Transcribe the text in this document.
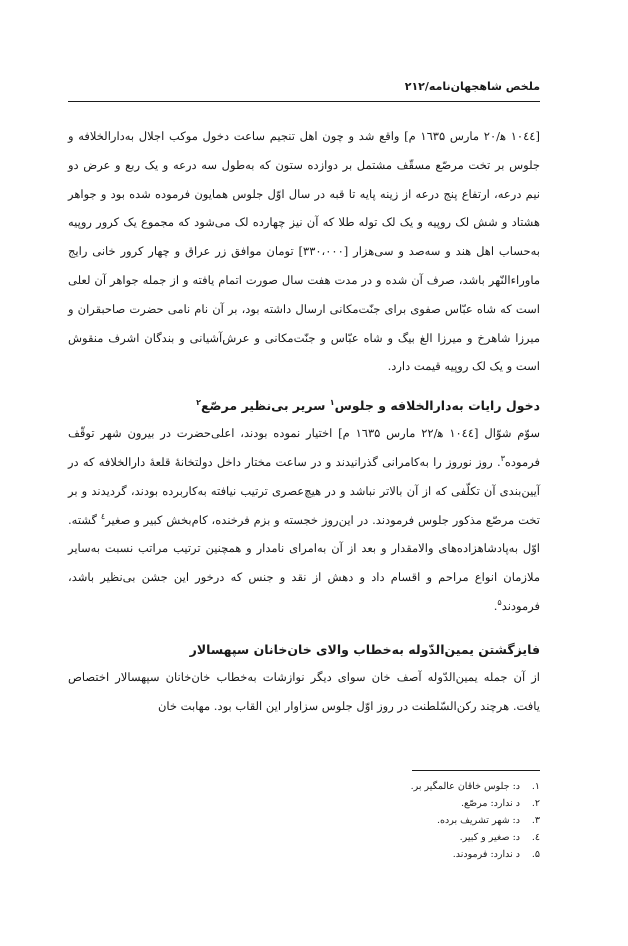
ملخص شاهجهان‌نامه/۲۱۲

[۱۰٤٤ ه‍/۲۰ مارس ۱٦۳۵ م] واقع شد و چون اهل تنجیم ساعت دخول موکب اجلال بەدارالخلافه و جلوس بر تخت مرصّع مسقّف مشتمل بر دوازده ستون که بەطول سه درعه و یک ربع و عرض دو نیم درعه، ارتفاع پنج درعه از زینه پایه تا قبه در سال اوّل جلوس همایون فرموده شده بود و جواهر هشتاد و شش لک روپیه و یک لک توله طلا که آن نیز چهارده لک می‌شود که مجموع یک کرور روپیه بەحساب اهل هند و سه‌صد و سی‌هزار [۳۳۰،۰۰۰] تومان موافق زر عراق و چهار کرور خانی رایج ماوراءالنّهر باشد، صرف آن شده و در مدت هفت سال صورت اتمام یافته و از جمله جواهر آن لعلی است که شاه عبّاس صفوی برای جنّت‌مکانی ارسال داشته بود، بر آن نام نامی حضرت صاحبقران و میرزا شاهرخ و میرزا الغ بیگ و شاه عبّاس و جنّت‌مکانی و عرش‌آشیانی و بندگان اشرف منقوش است و یک لک روپیه قیمت دارد.

دخول رایات بەدارالخلافه و جلوس$^۱$ سریر بی‌نظیر مرصّع$^۲$

سوّم شوّال [۱۰٤٤ ه‍/۲۲ مارس ۱٦۳۵ م] اختیار نموده بودند، اعلی‌حضرت در بیرون شهر توقّف فرموده$^۳$. روز نوروز را بەکامرانی گذرانیدند و در ساعت مختار داخل دولتخانهٔ قلعهٔ دارالخلافه که در آیین‌بندی آن تکلّفی که از آن بالاتر نباشد و در هیچ‌عصری ترتیب نیافته بەکاربرده بودند، گردیدند و بر تخت مرصّع مذکور جلوس فرمودند. در این‌روز خجسته و بزم فرخنده، کام‌بخش کبیر و صغیر$^٤$ گشته. اوّل بەپادشاهزاده‌های والامقدار و بعد از آن بەامرای نامدار و همچنین ترتیب مراتب نسبت بەسایر ملازمان انواع مراحم و اقسام داد و دهش از نقد و جنس که درخور این جشن بی‌نظیر باشد، فرمودند$^۵$.

فایزگشتن یمین‌الدّوله بەخطاب والای خان‌خانان سپهسالار

از آن جمله یمین‌الدّوله آصف خان سوای دیگر نوازشات بەخطاب خان‌خانان سپهسالار اختصاص یافت. هرچند رکن‌السّلطنت در روز اوّل جلوس سزاوار این القاب بود. مهابت خان

۱.
د: جلوس خاقان عالمگیر بر.
۲.
د ندارد: مرصّع.
۳.
د: شهر تشریف برده.
٤.
د: صغیر و کبیر.
۵.
د ندارد: فرمودند.
